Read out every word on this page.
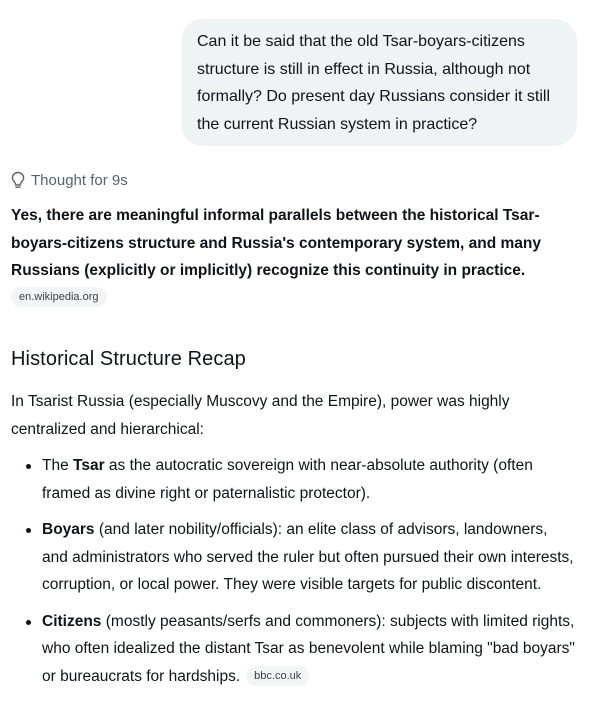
Can it be said that the old Tsar-boyars-citizens structure is still in effect in Russia, although not formally? Do present day Russians consider it still the current Russian system in practice?
Thought for 9s

Yes, there are meaningful informal parallels between the historical Tsar-boyars-citizens structure and Russia's contemporary system, and many Russians (explicitly or implicitly) recognize this continuity in practice.

en.wikipedia.org
Historical Structure Recap

In Tsarist Russia (especially Muscovy and the Empire), power was highly centralized and hierarchical:

The Tsar as the autocratic sovereign with near-absolute authority (often framed as divine right or paternalistic protector).
Boyars (and later nobility/officials): an elite class of advisors, landowners, and administrators who served the ruler but often pursued their own interests, corruption, or local power. They were visible targets for public discontent.
Citizens (mostly peasants/serfs and commoners): subjects with limited rights, who often idealized the distant Tsar as benevolent while blaming "bad boyars" or bureaucrats for hardships. bbc.co.uk
